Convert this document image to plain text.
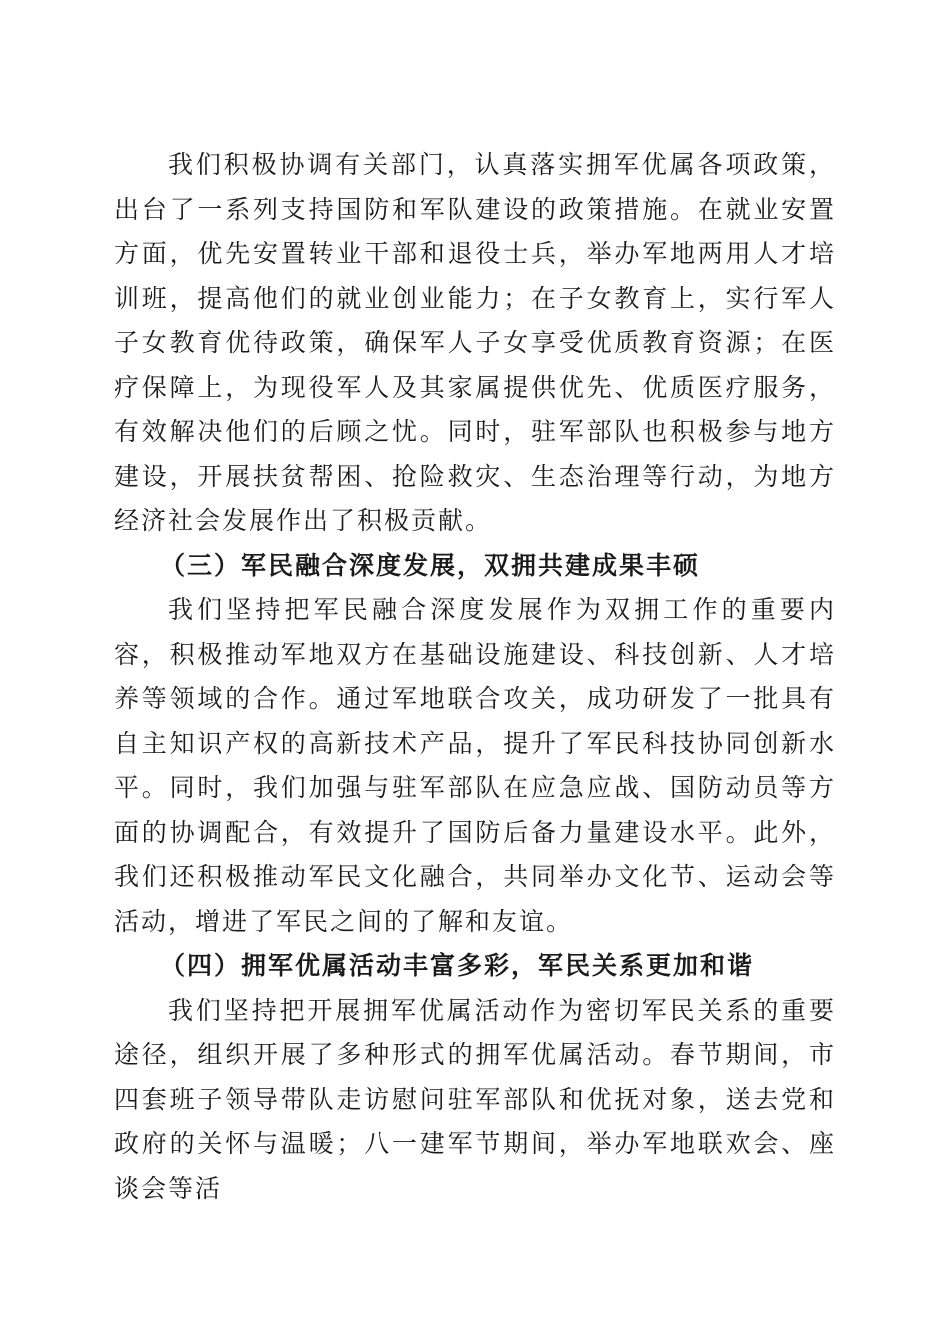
我们积极协调有关部门，认真落实拥军优属各项政策，出台了一系列支持国防和军队建设的政策措施。在就业安置方面，优先安置转业干部和退役士兵，举办军地两用人才培训班，提高他们的就业创业能力；在子女教育上，实行军人子女教育优待政策，确保军人子女享受优质教育资源；在医疗保障上，为现役军人及其家属提供优先、优质医疗服务，有效解决他们的后顾之忧。同时，驻军部队也积极参与地方建设，开展扶贫帮困、抢险救灾、生态治理等行动，为地方经济社会发展作出了积极贡献。

（三）军民融合深度发展，双拥共建成果丰硕

我们坚持把军民融合深度发展作为双拥工作的重要内容，积极推动军地双方在基础设施建设、科技创新、人才培养等领域的合作。通过军地联合攻关，成功研发了一批具有自主知识产权的高新技术产品，提升了军民科技协同创新水平。同时，我们加强与驻军部队在应急应战、国防动员等方面的协调配合，有效提升了国防后备力量建设水平。此外，我们还积极推动军民文化融合，共同举办文化节、运动会等活动，增进了军民之间的了解和友谊。

（四）拥军优属活动丰富多彩，军民关系更加和谐

我们坚持把开展拥军优属活动作为密切军民关系的重要途径，组织开展了多种形式的拥军优属活动。春节期间，市四套班子领导带队走访慰问驻军部队和优抚对象，送去党和政府的关怀与温暖；八一建军节期间，举办军地联欢会、座谈会等活
